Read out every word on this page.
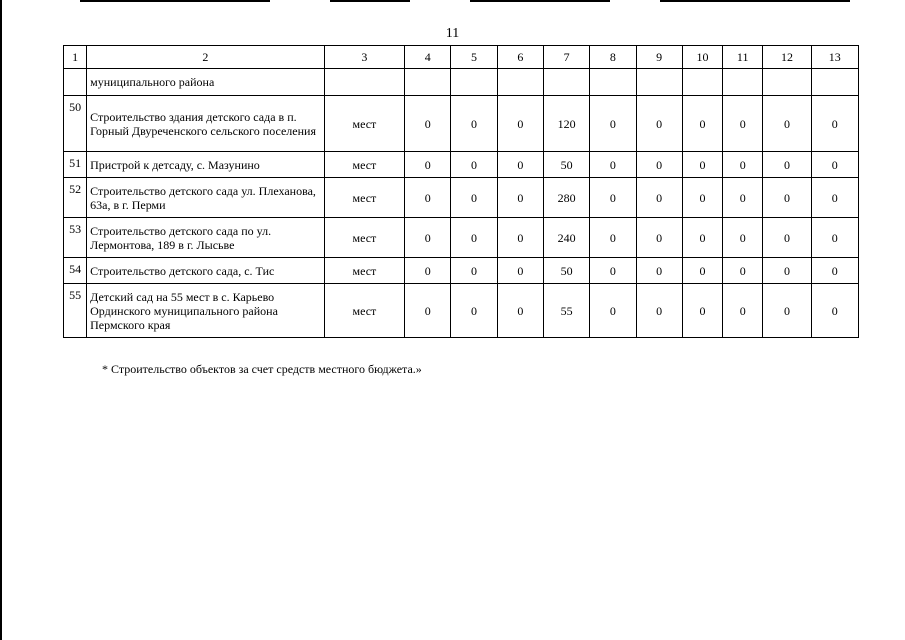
11
1	2	3	4	5	6	7	8	9	10	11	12	13
	муниципального района											
50	Строительство здания детского сада в п. Горный Двуреченского сельского поселения	мест	0	0	0	120	0	0	0	0	0	0
51	Пристрой к детсаду, с. Мазунино	мест	0	0	0	50	0	0	0	0	0	0
52	Строительство детского сада ул. Плеханова, 63а, в г. Перми	мест	0	0	0	280	0	0	0	0	0	0
53	Строительство детского сада по ул. Лермонтова, 189 в г. Лысьве	мест	0	0	0	240	0	0	0	0	0	0
54	Строительство детского сада, с. Тис	мест	0	0	0	50	0	0	0	0	0	0
55	Детский сад на 55 мест в с. Карьево Ординского муниципального района Пермского края	мест	0	0	0	55	0	0	0	0	0	0
* Строительство объектов за счет средств местного бюджета.»
